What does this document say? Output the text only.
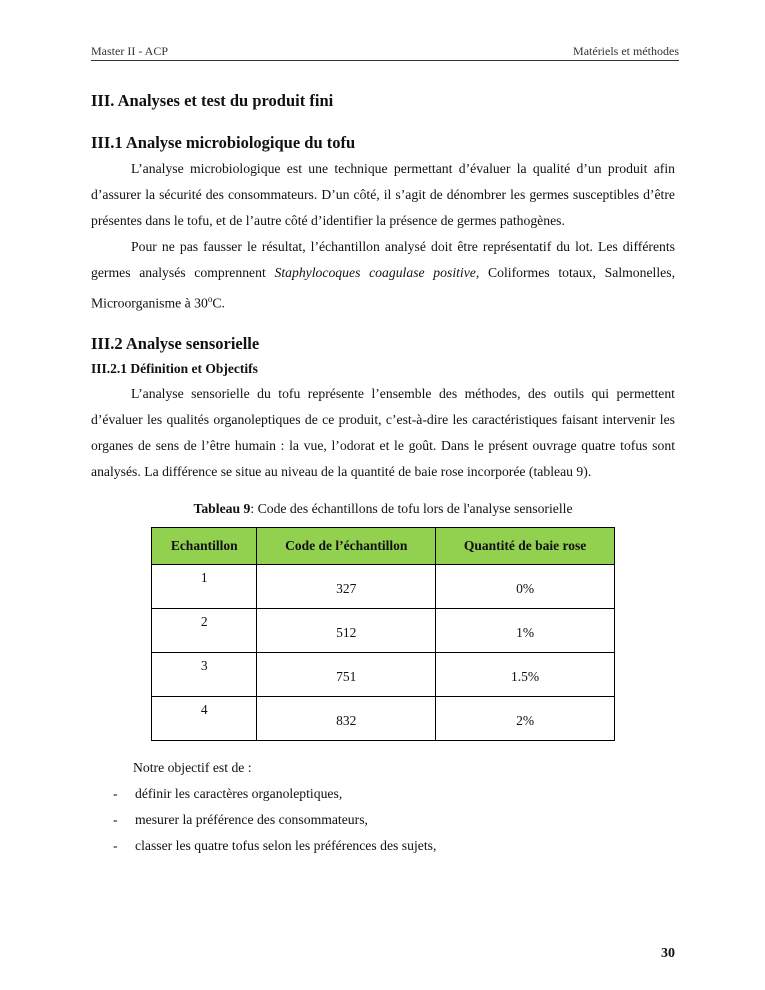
Master II - ACP	Matériels et méthodes
III. Analyses et test du produit fini
III.1 Analyse microbiologique du tofu

L’analyse microbiologique est une technique permettant d’évaluer la qualité d’un produit afin d’assurer la sécurité des consommateurs. D’un côté, il s’agit de dénombrer les germes susceptibles d’être présentes dans le tofu, et de l’autre côté d’identifier la présence de germes pathogènes.

Pour ne pas fausser le résultat, l’échantillon analysé doit être représentatif du lot. Les différents germes analysés comprennent Staphylocoques coagulase positive, Coliformes totaux, Salmonelles, Microorganisme à 30$^o$C.

III.2 Analyse sensorielle
III.2.1 Définition et Objectifs

L’analyse sensorielle du tofu représente l’ensemble des méthodes, des outils qui permettent d’évaluer les qualités organoleptiques de ce produit, c’est-à-dire les caractéristiques faisant intervenir les organes de sens de l’être humain : la vue, l’odorat et le goût. Dans le présent ouvrage quatre tofus sont analysés. La différence se situe au niveau de la quantité de baie rose incorporée (tableau 9).

Tableau 9: Code des échantillons de tofu lors de l'analyse sensorielle
Echantillon	Code de l’échantillon	Quantité de baie rose
1	327	0%
2	512	1%
3	751	1.5%
4	832	2%

Notre objectif est de :

- définir les caractères organoleptiques,
- mesurer la préférence des consommateurs,
- classer les quatre tofus selon les préférences des sujets,
30
